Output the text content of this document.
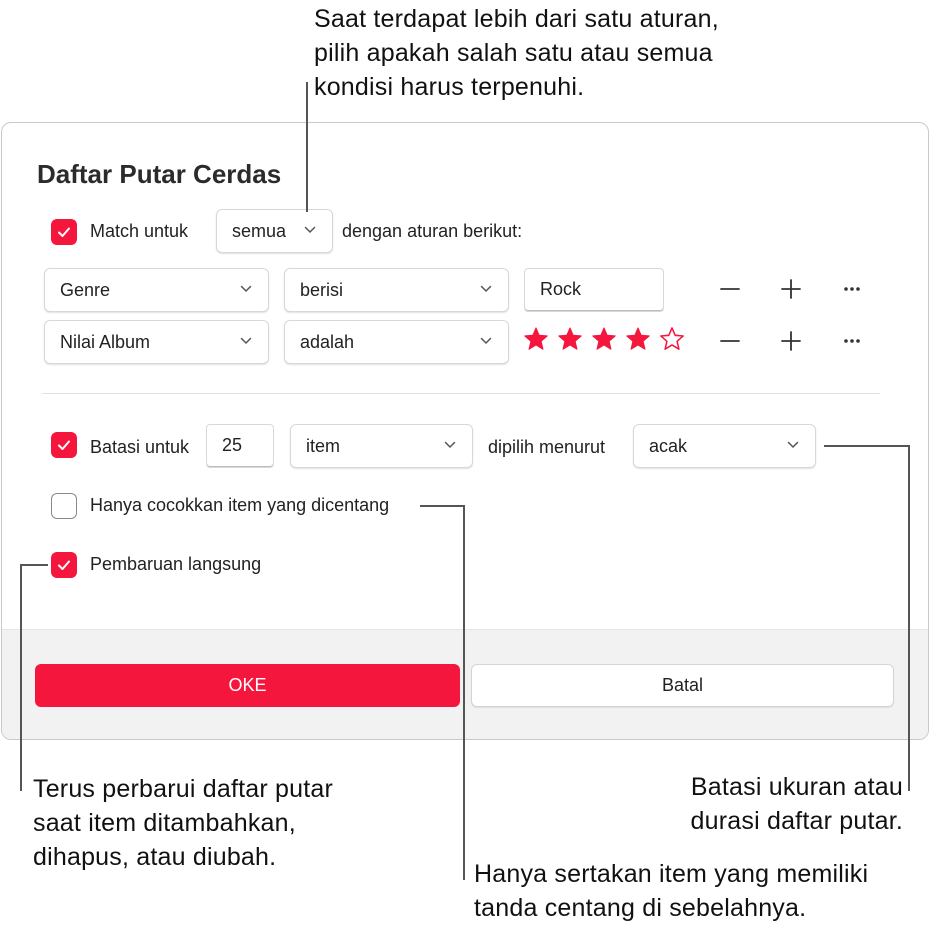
Saat terdapat lebih dari satu aturan,
pilih apakah salah satu atau semua
kondisi harus terpenuhi.
Terus perbarui daftar putar
saat item ditambahkan,
dihapus, atau diubah.
Batasi ukuran atau
durasi daftar putar.
Hanya sertakan item yang memiliki
tanda centang di sebelahnya.
Daftar Putar Cerdas
Match untuk semua	dengan aturan berikut:
Genre	berisi	Rock
Nilai Album	adalah
Batasi untuk	25	item	dipilih menurut acak
Hanya cocokkan item yang dicentang
Pembaruan langsung
OKE	Batal
